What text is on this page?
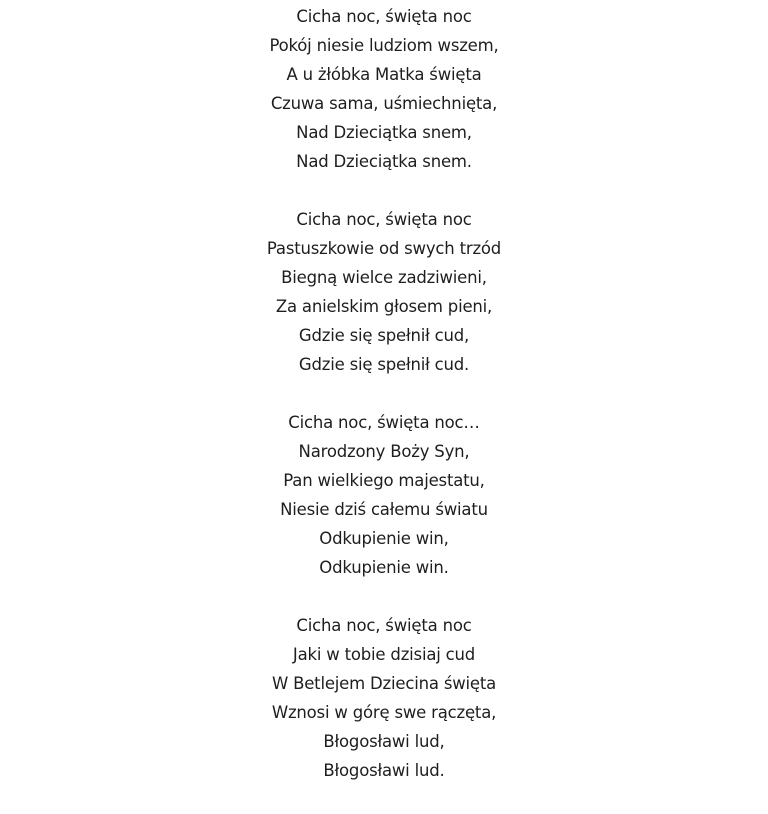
Cicha noc, święta noc
Pokój niesie ludziom wszem,
A u żłóbka Matka święta
Czuwa sama, uśmiechnięta,
Nad Dzieciątka snem,
Nad Dzieciątka snem.
Cicha noc, święta noc
Pastuszkowie od swych trzód
Biegną wielce zadziwieni,
Za anielskim głosem pieni,
Gdzie się spełnił cud,
Gdzie się spełnił cud.
Cicha noc, święta noc…
Narodzony Boży Syn,
Pan wielkiego majestatu,
Niesie dziś całemu światu
Odkupienie win,
Odkupienie win.
Cicha noc, święta noc
Jaki w tobie dzisiaj cud
W Betlejem Dziecina święta
Wznosi w górę swe rączęta,
Błogosławi lud,
Błogosławi lud.
